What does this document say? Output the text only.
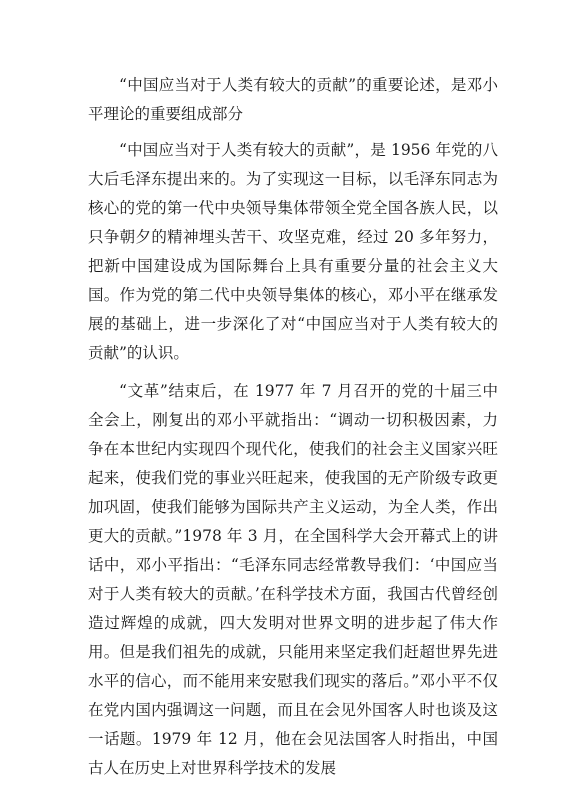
“中国应当对于人类有较大的贡献”的重要论述，是邓小平理论的重要组成部分

“中国应当对于人类有较大的贡献”，是 1956 年党的八大后毛泽东提出来的。为了实现这一目标，以毛泽东同志为核心的党的第一代中央领导集体带领全党全国各族人民，以只争朝夕的精神埋头苦干、攻坚克难，经过 20 多年努力，把新中国建设成为国际舞台上具有重要分量的社会主义大国。作为党的第二代中央领导集体的核心，邓小平在继承发展的基础上，进一步深化了对“中国应当对于人类有较大的贡献”的认识。

“文革”结束后，在 1977 年 7 月召开的党的十届三中全会上，刚复出的邓小平就指出：“调动一切积极因素，力争在本世纪内实现四个现代化，使我们的社会主义国家兴旺起来，使我们党的事业兴旺起来，使我国的无产阶级专政更加巩固，使我们能够为国际共产主义运动，为全人类，作出更大的贡献。”1978 年 3 月，在全国科学大会开幕式上的讲话中，邓小平指出：“毛泽东同志经常教导我们：‘中国应当对于人类有较大的贡献。’在科学技术方面，我国古代曾经创造过辉煌的成就，四大发明对世界文明的进步起了伟大作用。但是我们祖先的成就，只能用来坚定我们赶超世界先进水平的信心，而不能用来安慰我们现实的落后。”邓小平不仅在党内国内强调这一问题，而且在会见外国客人时也谈及这一话题。1979 年 12 月，他在会见法国客人时指出，中国古人在历史上对世界科学技术的发展
